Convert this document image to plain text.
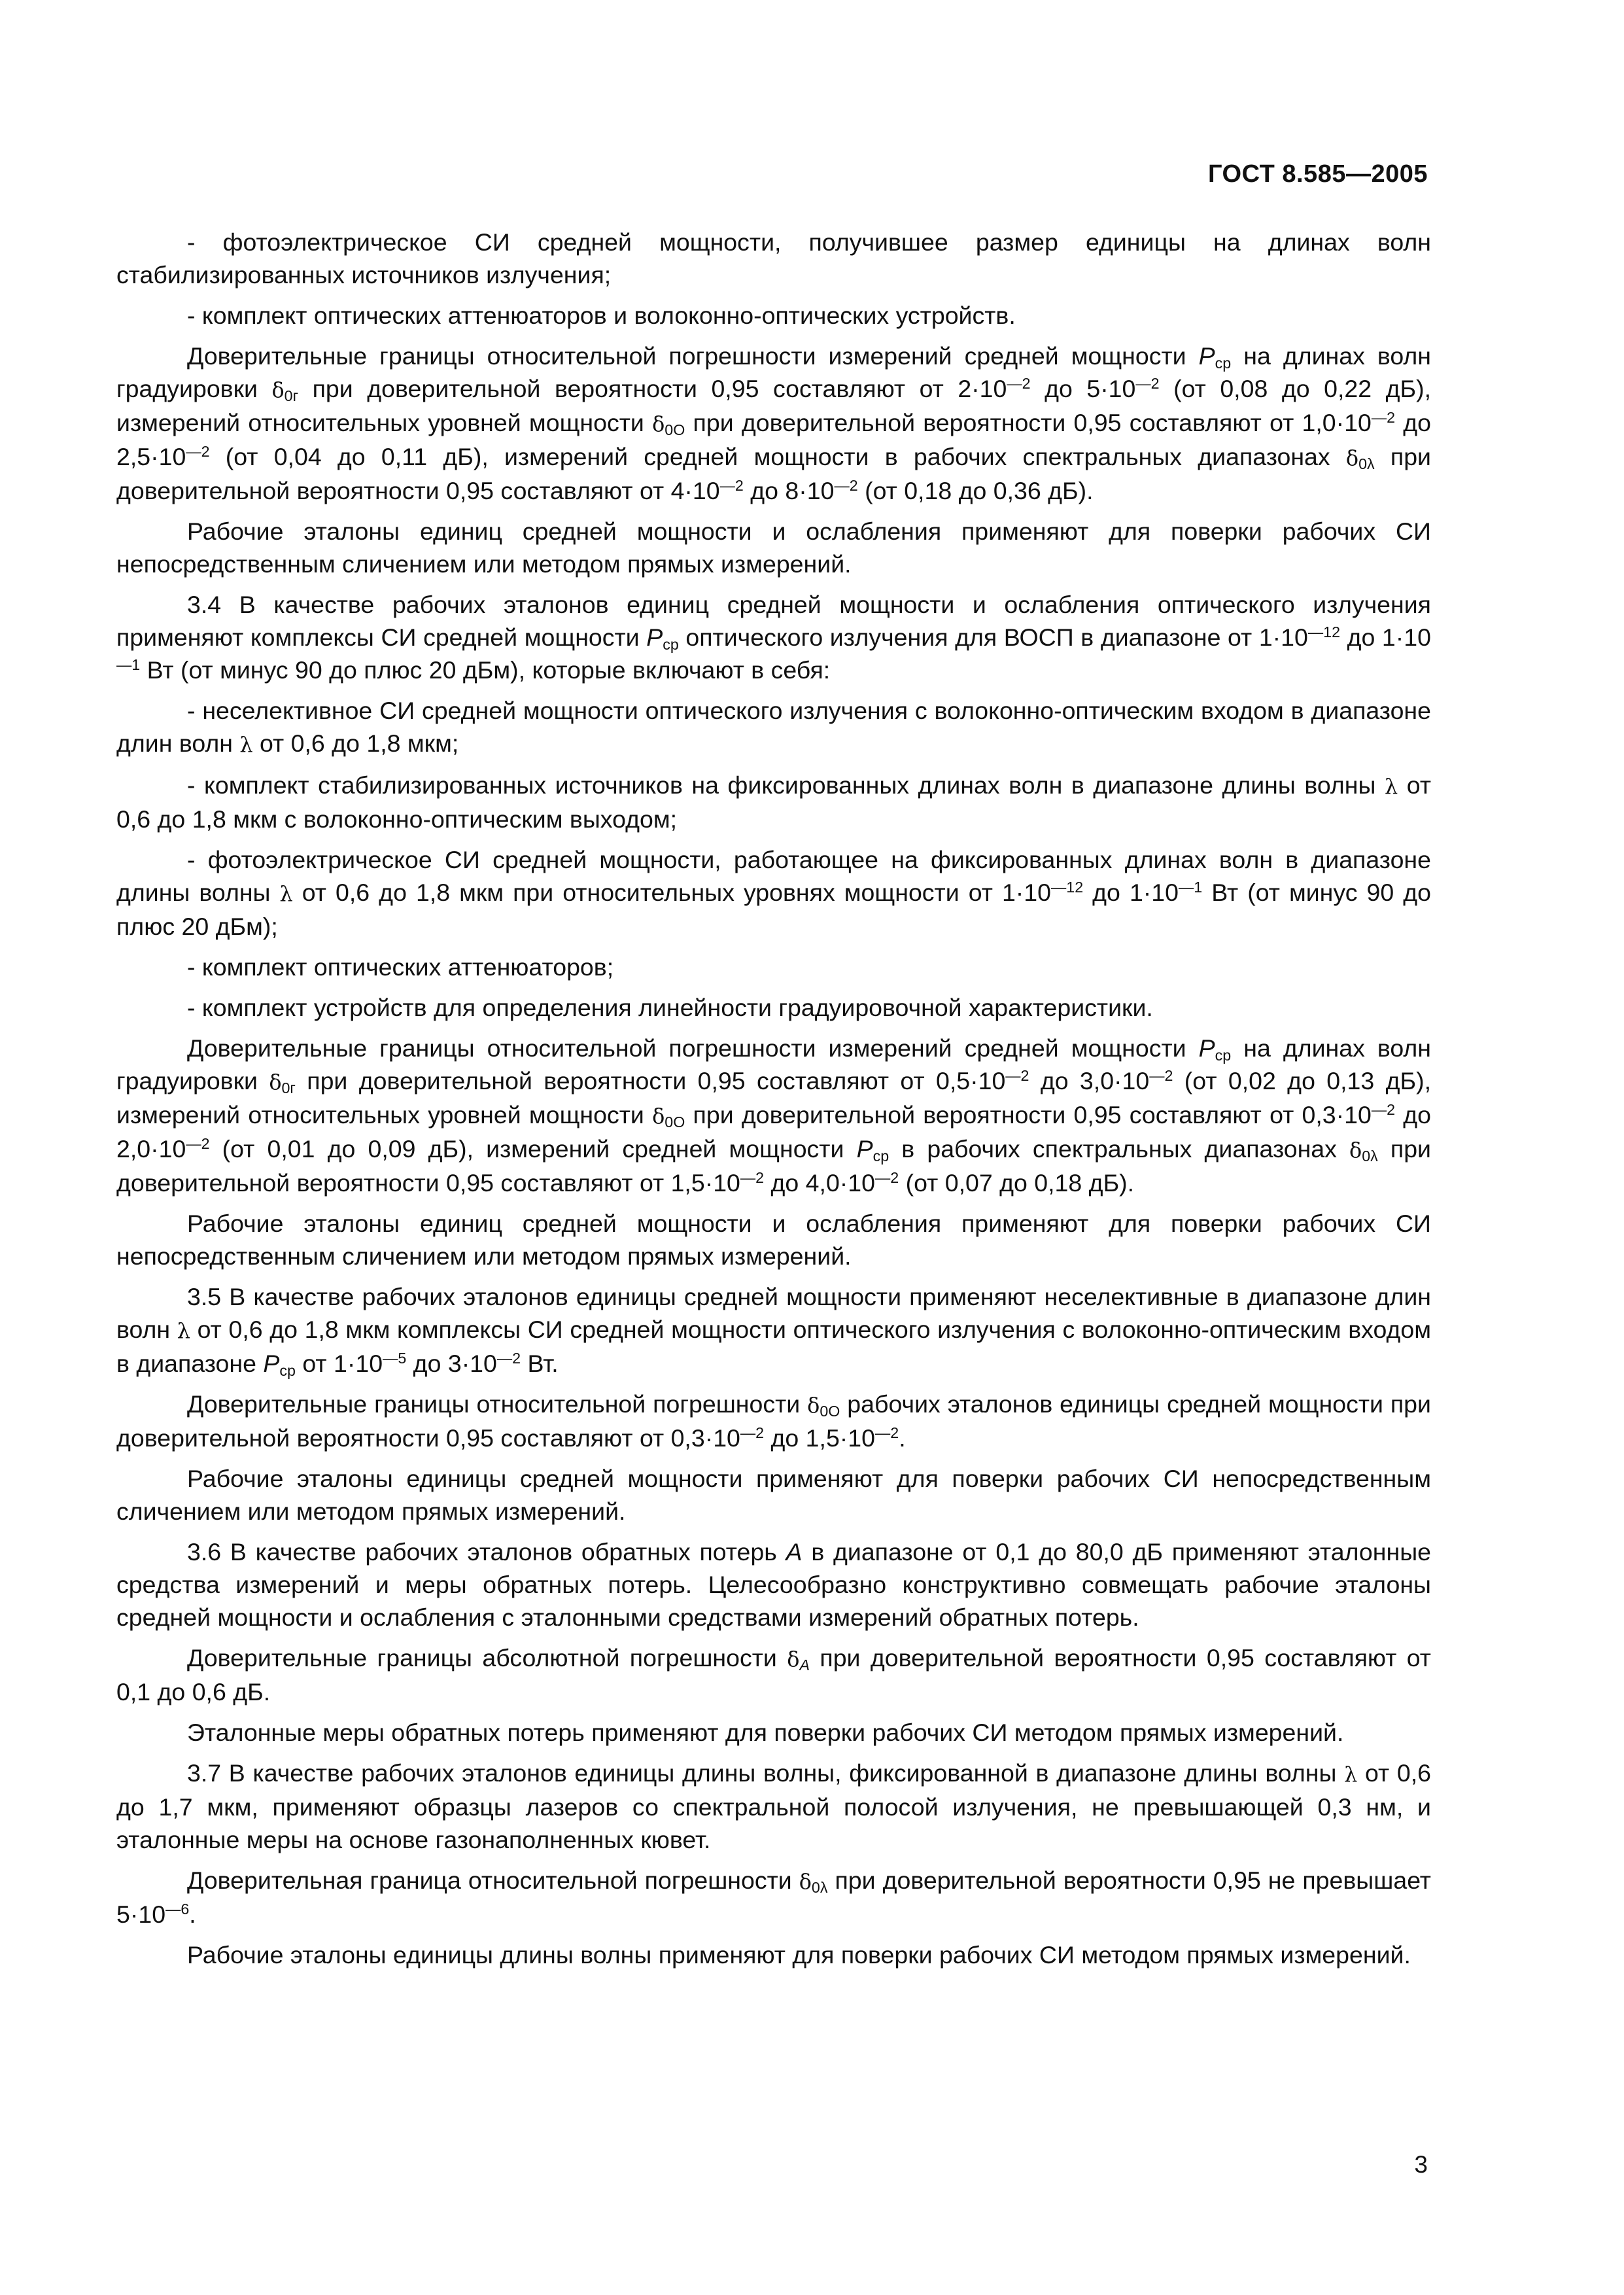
ГОСТ 8.585—2005

- фотоэлектрическое СИ средней мощности, получившее размер единицы на длинах волн стабилизированных источников излучения;

- комплект оптических аттенюаторов и волоконно-оптических устройств.

Доверительные границы относительной погрешности измерений средней мощности $P_{ср}$ на длинах волн градуировки $\delta_{0г}$ при доверительной вероятности 0,95 составляют от $2\cdot 10^{—2}$ до $5\cdot 10^{—2}$ (от 0,08 до 0,22 дБ), измерений относительных уровней мощности $\delta_{0О}$ при доверительной вероятности 0,95 составляют от $1,0\cdot 10^{—2}$ до $2,5\cdot 10^{—2}$ (от 0,04 до 0,11 дБ), измерений средней мощности в рабочих спектральных диапазонах $\delta_{0\lambda}$ при доверительной вероятности 0,95 составляют от $4\cdot 10^{—2}$ до $8\cdot 10^{—2}$ (от 0,18 до 0,36 дБ).

Рабочие эталоны единиц средней мощности и ослабления применяют для поверки рабочих СИ непосредственным сличением или методом прямых измерений.

3.4 В качестве рабочих эталонов единиц средней мощности и ослабления оптического излучения применяют комплексы СИ средней мощности $P_{ср}$ оптического излучения для ВОСП в диапазоне от $1\cdot 10^{—12}$ до $1\cdot 10^{—1}$ Вт (от минус 90 до плюс 20 дБм), которые включают в себя:

- неселективное СИ средней мощности оптического излучения с волоконно-оптическим входом в диапазоне длин волн λ от 0,6 до 1,8 мкм;

- комплект стабилизированных источников на фиксированных длинах волн в диапазоне длины волны λ от 0,6 до 1,8 мкм с волоконно-оптическим выходом;

- фотоэлектрическое СИ средней мощности, работающее на фиксированных длинах волн в диапазоне длины волны λ от 0,6 до 1,8 мкм при относительных уровнях мощности от $1\cdot 10^{—12}$ до $1\cdot 10^{—1}$ Вт (от минус 90 до плюс 20 дБм);

- комплект оптических аттенюаторов;

- комплект устройств для определения линейности градуировочной характеристики.

Доверительные границы относительной погрешности измерений средней мощности $P_{ср}$ на длинах волн градуировки $\delta_{0г}$ при доверительной вероятности 0,95 составляют от $0,5\cdot 10^{—2}$ до $3,0\cdot 10^{—2}$ (от 0,02 до 0,13 дБ), измерений относительных уровней мощности $\delta_{0О}$ при доверительной вероятности 0,95 составляют от $0,3\cdot 10^{—2}$ до $2,0\cdot 10^{—2}$ (от 0,01 до 0,09 дБ), измерений средней мощности $P_{ср}$ в рабочих спектральных диапазонах $\delta_{0\lambda}$ при доверительной вероятности 0,95 составляют от $1,5\cdot 10^{—2}$ до $4,0\cdot 10^{—2}$ (от 0,07 до 0,18 дБ).

Рабочие эталоны единиц средней мощности и ослабления применяют для поверки рабочих СИ непосредственным сличением или методом прямых измерений.

3.5 В качестве рабочих эталонов единицы средней мощности применяют неселективные в диапазоне длин волн λ от 0,6 до 1,8 мкм комплексы СИ средней мощности оптического излучения с волоконно-оптическим входом в диапазоне $P_{ср}$ от $1\cdot 10^{—5}$ до $3\cdot 10^{—2}$ Вт.

Доверительные границы относительной погрешности $\delta_{0О}$ рабочих эталонов единицы средней мощности при доверительной вероятности 0,95 составляют от $0,3\cdot 10^{—2}$ до $1,5\cdot 10^{—2}$.

Рабочие эталоны единицы средней мощности применяют для поверки рабочих СИ непосредственным сличением или методом прямых измерений.

3.6 В качестве рабочих эталонов обратных потерь A в диапазоне от 0,1 до 80,0 дБ применяют эталонные средства измерений и меры обратных потерь. Целесообразно конструктивно совмещать рабочие эталоны средней мощности и ослабления с эталонными средствами измерений обратных потерь.

Доверительные границы абсолютной погрешности $\delta_A$ при доверительной вероятности 0,95 составляют от 0,1 до 0,6 дБ.

Эталонные меры обратных потерь применяют для поверки рабочих СИ методом прямых измерений.

3.7 В качестве рабочих эталонов единицы длины волны, фиксированной в диапазоне длины волны λ от 0,6 до 1,7 мкм, применяют образцы лазеров со спектральной полосой излучения, не превышающей 0,3 нм, и эталонные меры на основе газонаполненных кювет.

Доверительная граница относительной погрешности $\delta_{0\lambda}$ при доверительной вероятности 0,95 не превышает $5\cdot 10^{—6}$.

Рабочие эталоны единицы длины волны применяют для поверки рабочих СИ методом прямых измерений.

3
